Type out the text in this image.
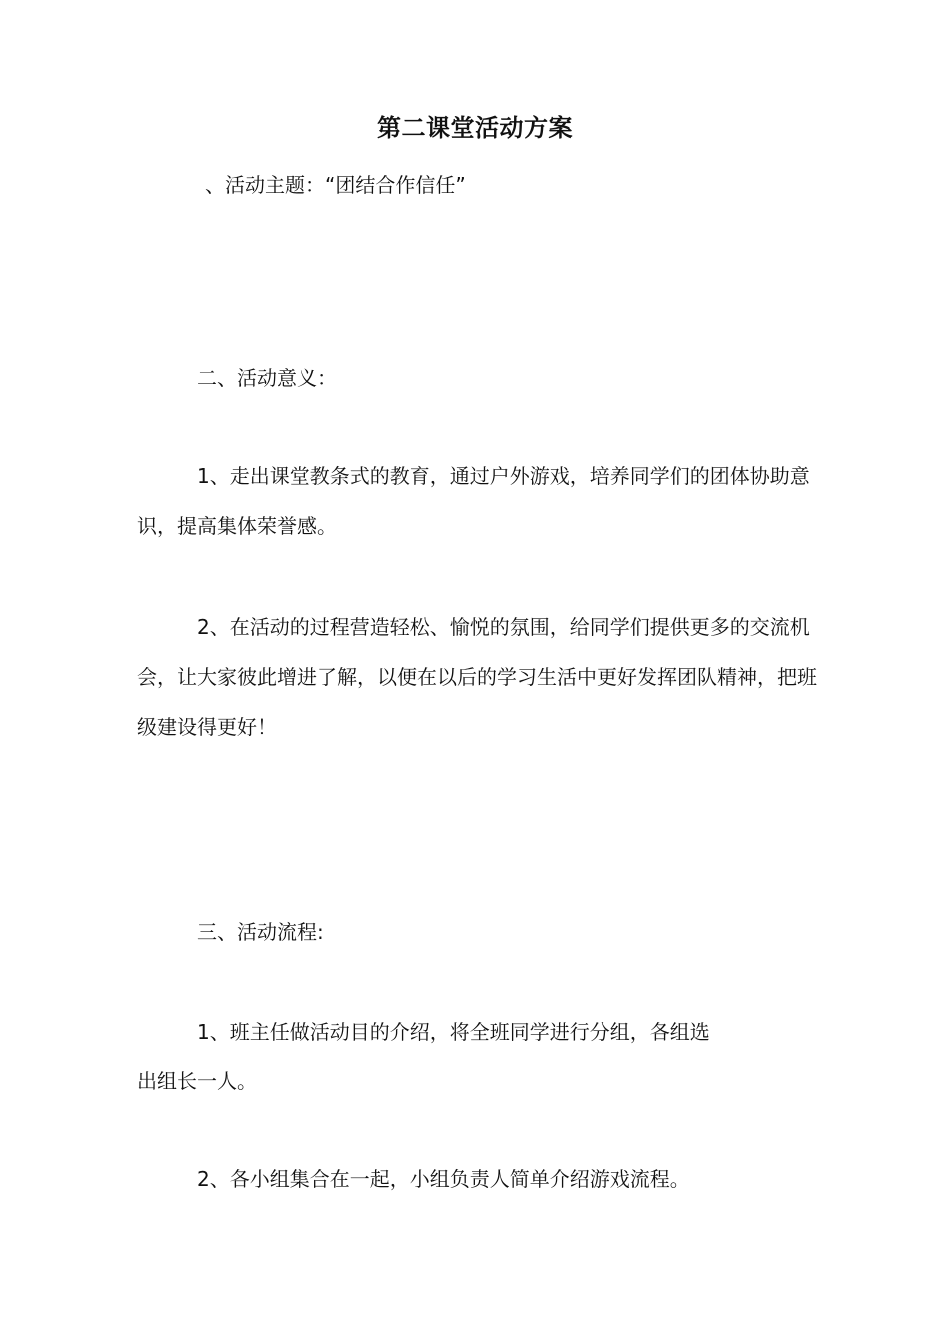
第二课堂活动方案
、活动主题：“团结合作信任”
二、活动意义：
1、走出课堂教条式的教育，通过户外游戏，培养同学们的团体协助意识，提高集体荣誉感。
2、在活动的过程营造轻松、愉悦的氛围，给同学们提供更多的交流机会，让大家彼此增进了解，以便在以后的学习生活中更好发挥团队精神，把班级建设得更好！
三、活动流程:
1、班主任做活动目的介绍，将全班同学进行分组，各组选
出组长一人。
2、各小组集合在一起，小组负责人简单介绍游戏流程。
